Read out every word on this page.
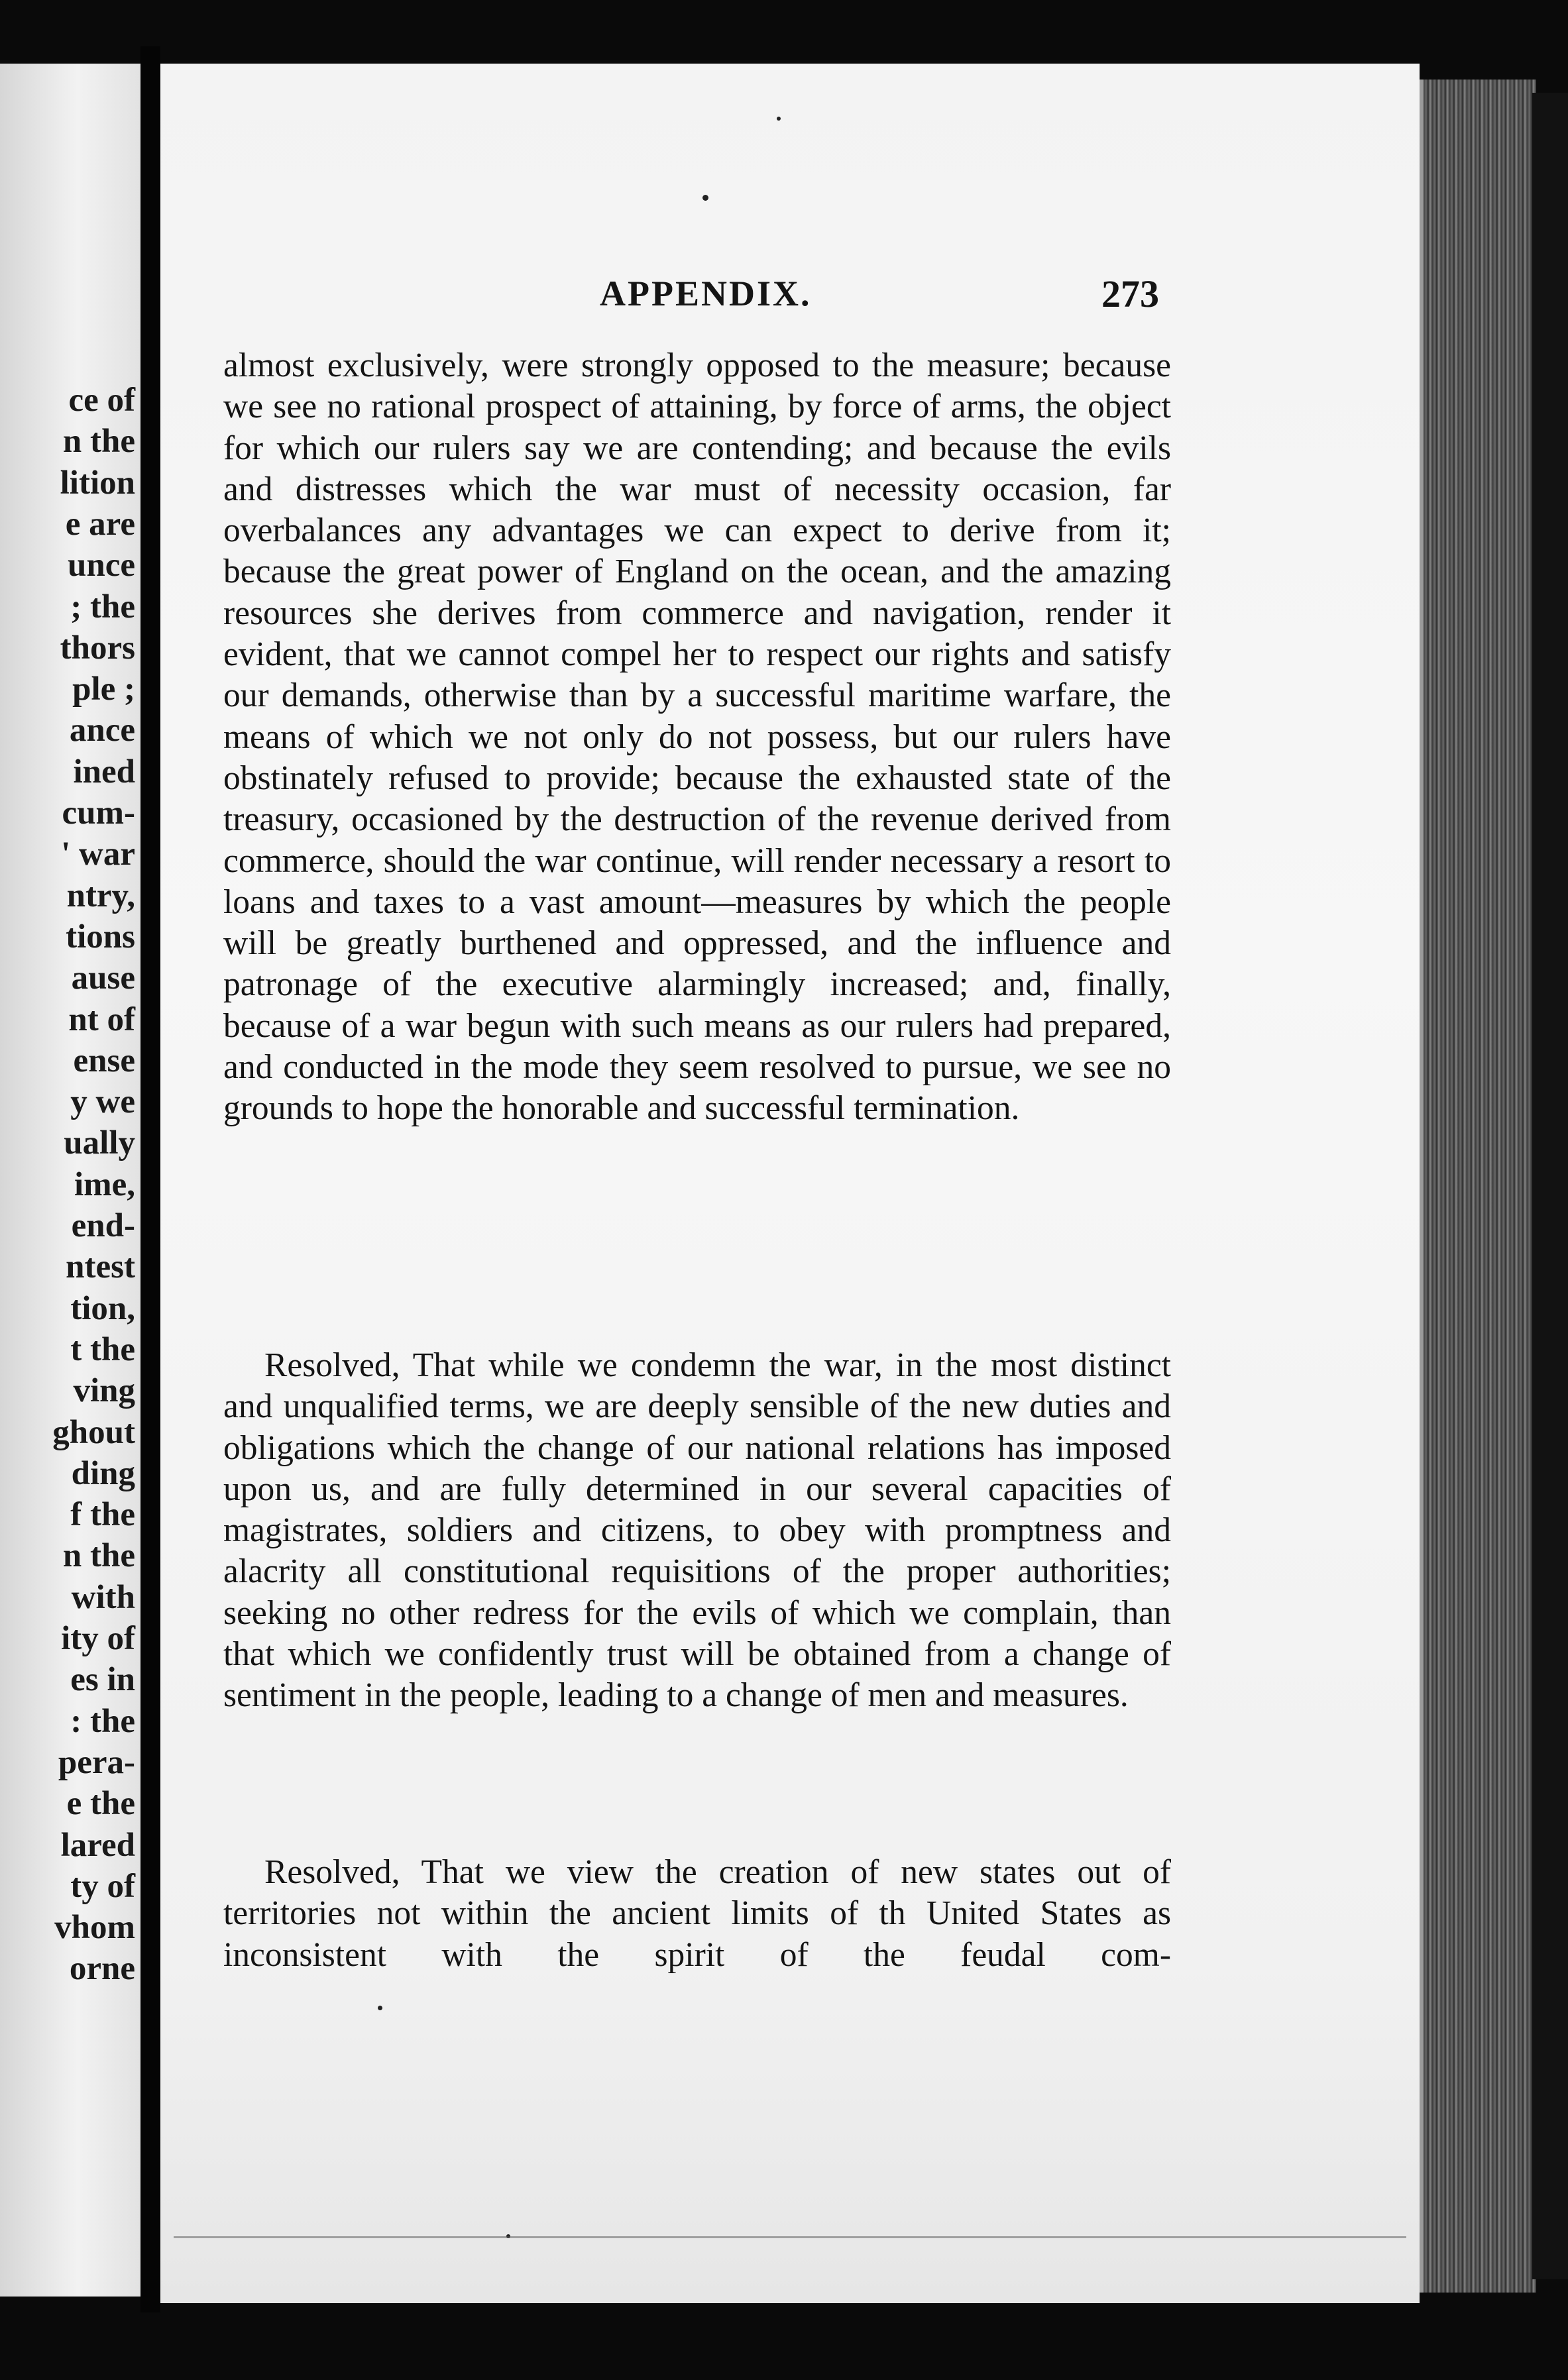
ce of
n the
lition
e are
unce
; the
thors
ple ;
ance
ined
cum-
' war
ntry,
tions
ause
nt of
ense
y we
ually
ime,
end-
ntest
tion,
t the
ving
ghout
ding
f the
n the
with
ity of
es in
: the
pera-
e the
lared
ty of
vhom
orne
APPENDIX.	273

almost exclusively, were strongly opposed to the measure; because we see no rational prospect of attaining, by force of arms, the object for which our rulers say we are contending; and because the evils and distresses which the war must of necessity occasion, far overbalances any advantages we can expect to derive from it; because the great power of England on the ocean, and the amazing resources she derives from commerce and navigation, render it evident, that we cannot compel her to respect our rights and satisfy our demands, otherwise than by a successful maritime warfare, the means of which we not only do not possess, but our rulers have obstinately refused to provide; because the exhausted state of the treasury, occasioned by the destruction of the revenue derived from commerce, should the war continue, will render necessary a resort to loans and taxes to a vast amount—measures by which the people will be greatly burthened and oppressed, and the influence and patronage of the executive alarmingly increased; and, finally, because of a war begun with such means as our rulers had prepared, and conducted in the mode they seem resolved to pursue, we see no grounds to hope the honorable and successful termination.

Resolved, That while we condemn the war, in the most distinct and unqualified terms, we are deeply sensible of the new duties and obligations which the change of our national relations has imposed upon us, and are fully determined in our several capacities of magistrates, soldiers and citizens, to obey with promptness and alacrity all constitutional requisitions of the proper authorities; seeking no other redress for the evils of which we complain, than that which we confidently trust will be obtained from a change of sentiment in the people, leading to a change of men and measures.

Resolved, That we view the creation of new states out of territories not within the ancient limits of th United States as inconsistent with the spirit of the feudal com-
